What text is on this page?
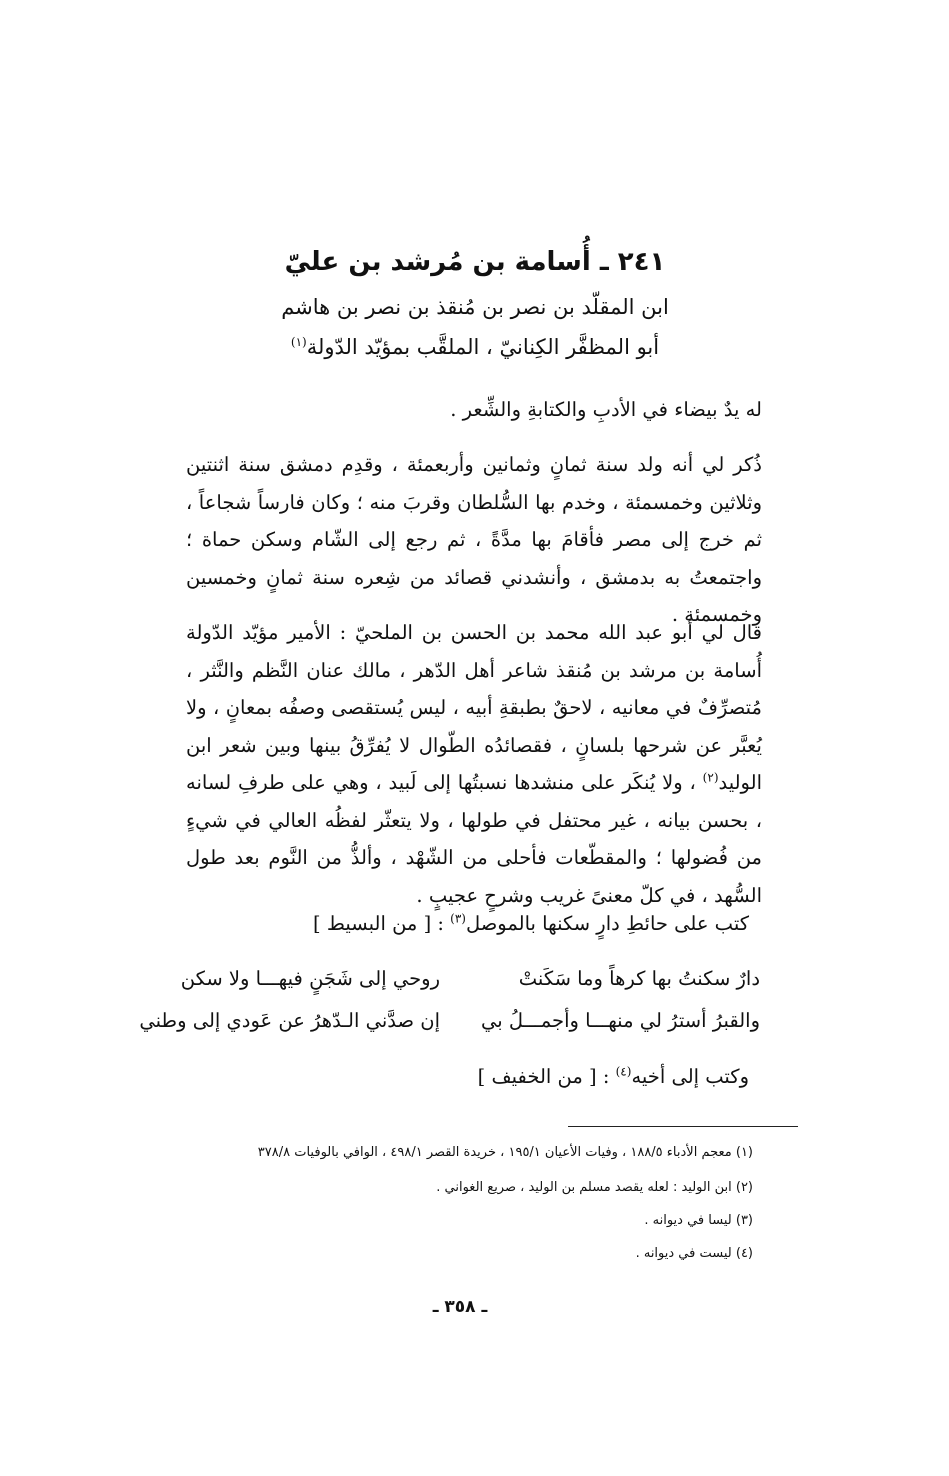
٢٤١ ـ أُسامة بن مُرشد بن عليّ
ابن المقلّد بن نصر بن مُنقذ بن نصر بن هاشم
أبو المظفَّر الكِنانيّ ، الملقَّب بمؤيّد الدّولة$^{(١)}$
له يدٌ بيضاء في الأدبِ والكتابةِ والشِّعر .
ذُكر لي أنه ولد سنة ثمانٍ وثمانين وأربعمئة ، وقدِم دمشق سنة اثنتين وثلاثين وخمسمئة ، وخدم بها السُّلطان وقربَ منه ؛ وكان فارساً شجاعاً ، ثم خرج إلى مصر فأقامَ بها مدَّةً ، ثم رجع إلى الشّام وسكن حماة ؛ واجتمعتُ به بدمشق ، وأنشدني قصائد من شِعره سنة ثمانٍ وخمسين وخمسمئة .
قال لي أبو عبد الله محمد بن الحسن بن الملحيّ : الأمير مؤيّد الدّولة أُسامة بن مرشد بن مُنقذ شاعر أهل الدّهر ، مالك عنان النَّظم والنَّثر ، مُتصرِّفٌ في معانيه ، لاحقٌ بطبقةِ أبيه ، ليس يُستقصى وصفُه بمعانٍ ، ولا يُعبَّر عن شرحها بلسانٍ ، فقصائدُه الطّوال لا يُفرِّقُ بينها وبين شعر ابن الوليد$^{(٢)}$ ، ولا يُنكَر على منشدها نسبتُها إلى لَبيد ، وهي على طرفِ لسانه ، بحسن بيانه ، غير محتفل في طولها ، ولا يتعثّر لفظُه العالي في شيءٍ من فُضولها ؛ والمقطّعات فأحلى من الشّهْد ، وألذُّ من النَّوم بعد طول السُّهد ، في كلّ معنىً غريب وشرحٍ عجيبٍ .
كتب على حائطِ دارٍ سكنها بالموصل$^{(٣)}$ : [ من البسيط ]
دارٌ سكنتُ بها كرهاً وما سَكَنتْ
روحي إلى شَجَنٍ فيهـــا ولا سكن
والقبرُ أسترُ لي منهـــا وأجمـــلُ بي
إن صدَّني الـدّهرُ عن عَودي إلى وطني
وكتب إلى أخيه$^{(٤)}$ : [ من الخفيف ]
(١) معجم الأدباء ١٨٨/٥ ، وفيات الأعيان ١٩٥/١ ، خريدة القصر ٤٩٨/١ ، الوافي بالوفيات ٣٧٨/٨
(٢) ابن الوليد : لعله يقصد مسلم بن الوليد ، صريع الغواني .
(٣) ليسا في ديوانه .
(٤) ليست في ديوانه .
ـ ٣٥٨ ـ
